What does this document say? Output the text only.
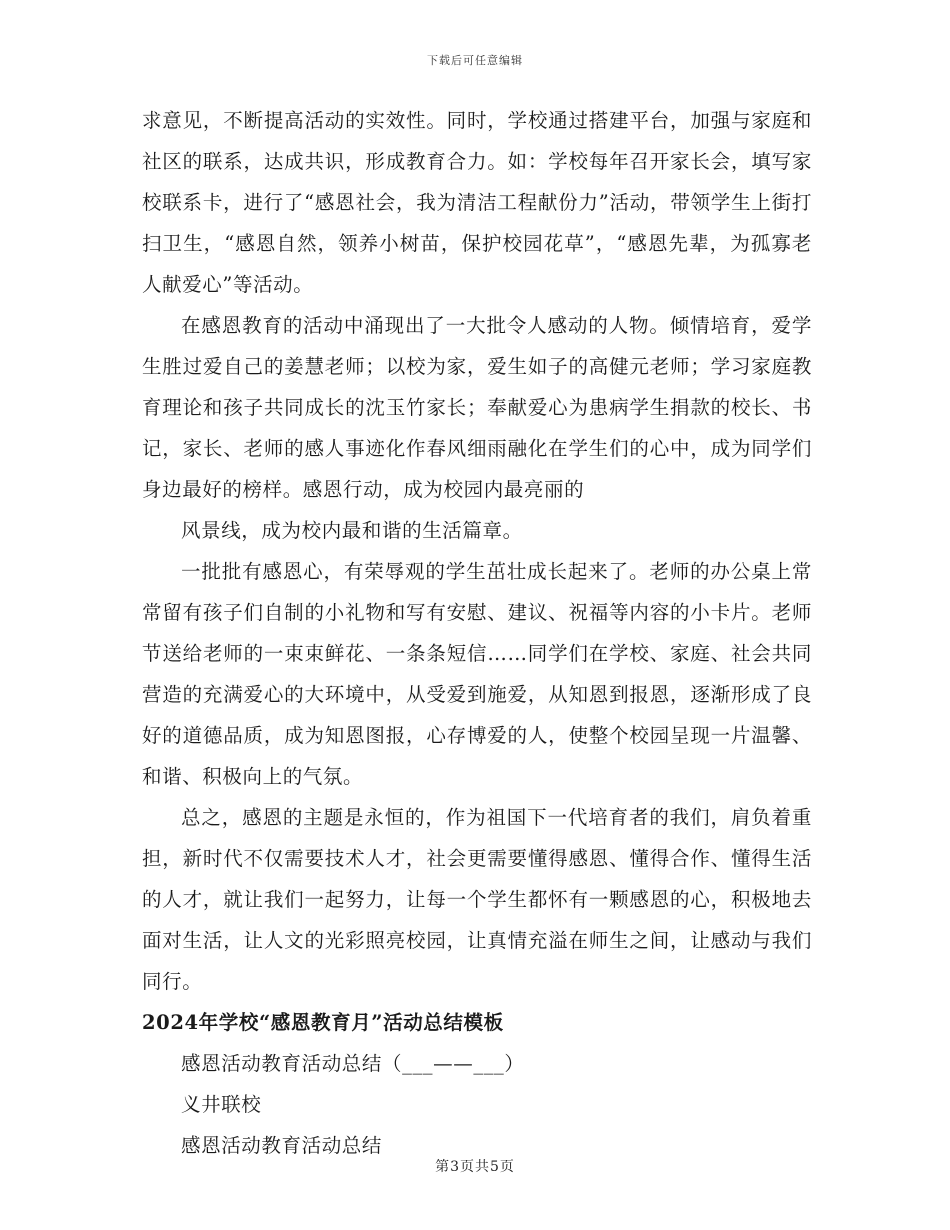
下载后可任意编辑

求意见，不断提高活动的实效性。同时，学校通过搭建平台，加强与家庭和社区的联系，达成共识，形成教育合力。如：学校每年召开家长会，填写家校联系卡，进行了“感恩社会，我为清洁工程献份力”活动，带领学生上街打扫卫生，“感恩自然，领养小树苗，保护校园花草”，“感恩先辈，为孤寡老人献爱心”等活动。

在感恩教育的活动中涌现出了一大批令人感动的人物。倾情培育，爱学生胜过爱自己的姜慧老师；以校为家，爱生如子的高健元老师；学习家庭教育理论和孩子共同成长的沈玉竹家长；奉献爱心为患病学生捐款的校长、书记，家长、老师的感人事迹化作春风细雨融化在学生们的心中，成为同学们身边最好的榜样。感恩行动，成为校园内最亮丽的

风景线，成为校内最和谐的生活篇章。

一批批有感恩心，有荣辱观的学生茁壮成长起来了。老师的办公桌上常常留有孩子们自制的小礼物和写有安慰、建议、祝福等内容的小卡片。老师节送给老师的一束束鲜花、一条条短信……同学们在学校、家庭、社会共同营造的充满爱心的大环境中，从受爱到施爱，从知恩到报恩，逐渐形成了良好的道德品质，成为知恩图报，心存博爱的人，使整个校园呈现一片温馨、和谐、积极向上的气氛。

总之，感恩的主题是永恒的，作为祖国下一代培育者的我们，肩负着重担，新时代不仅需要技术人才，社会更需要懂得感恩、懂得合作、懂得生活的人才，就让我们一起努力，让每一个学生都怀有一颗感恩的心，积极地去面对生活，让人文的光彩照亮校园，让真情充溢在师生之间，让感动与我们同行。

2024年学校“感恩教育月”活动总结模板

感恩活动教育活动总结（___——___）

义井联校

感恩活动教育活动总结

第3页共5页
